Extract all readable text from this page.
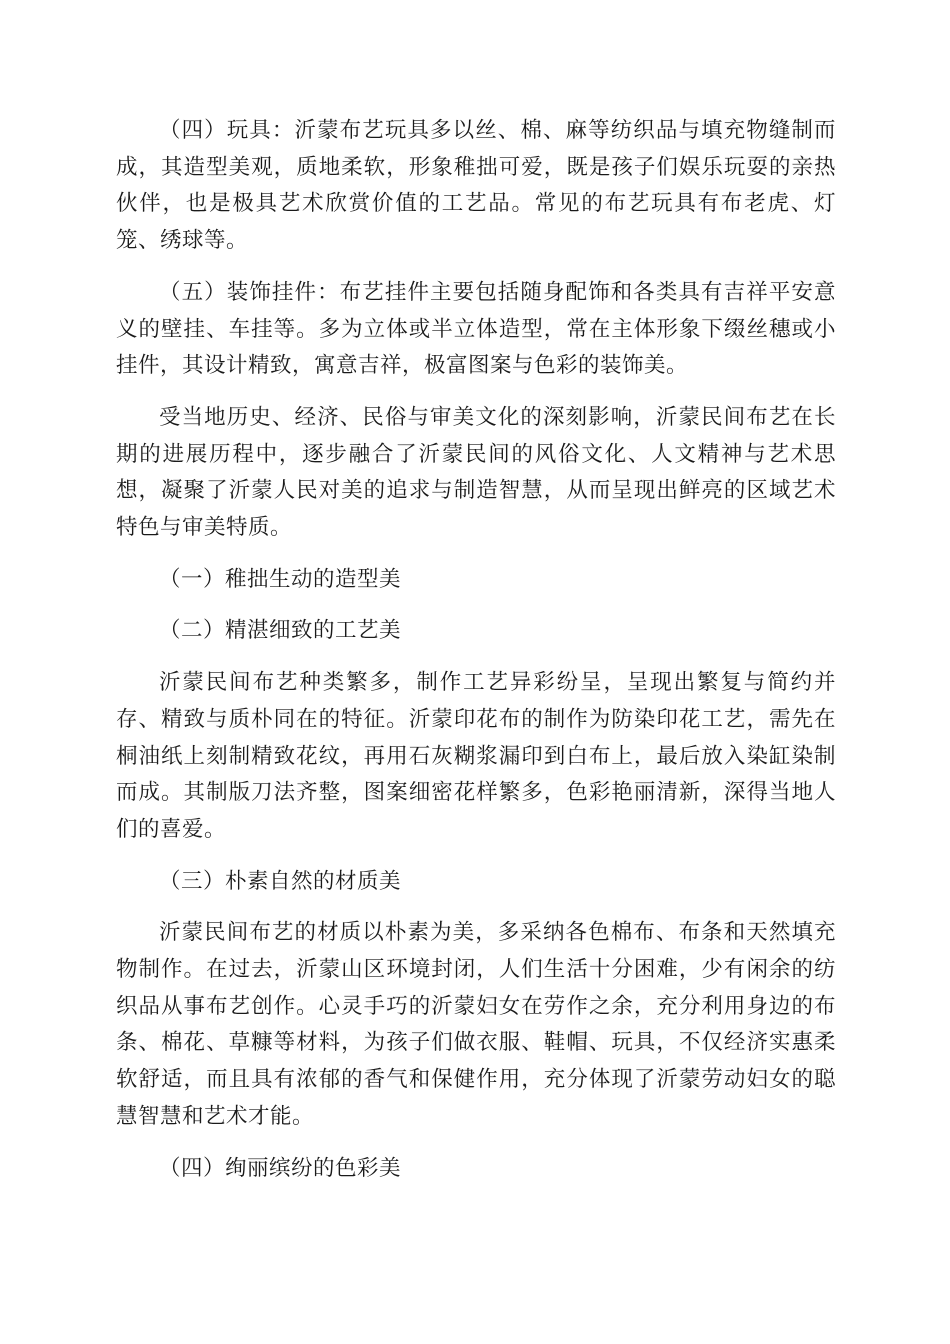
（四）玩具：沂蒙布艺玩具多以丝、棉、麻等纺织品与填充物缝制而成，其造型美观，质地柔软，形象稚拙可爱，既是孩子们娱乐玩耍的亲热伙伴，也是极具艺术欣赏价值的工艺品。常见的布艺玩具有布老虎、灯笼、绣球等。

（五）装饰挂件：布艺挂件主要包括随身配饰和各类具有吉祥平安意义的壁挂、车挂等。多为立体或半立体造型，常在主体形象下缀丝穗或小挂件，其设计精致，寓意吉祥，极富图案与色彩的装饰美。

受当地历史、经济、民俗与审美文化的深刻影响，沂蒙民间布艺在长期的进展历程中，逐步融合了沂蒙民间的风俗文化、人文精神与艺术思想，凝聚了沂蒙人民对美的追求与制造智慧，从而呈现出鲜亮的区域艺术特色与审美特质。

（一）稚拙生动的造型美

（二）精湛细致的工艺美

沂蒙民间布艺种类繁多，制作工艺异彩纷呈，呈现出繁复与简约并存、精致与质朴同在的特征。沂蒙印花布的制作为防染印花工艺，需先在桐油纸上刻制精致花纹，再用石灰糊浆漏印到白布上，最后放入染缸染制而成。其制版刀法齐整，图案细密花样繁多，色彩艳丽清新，深得当地人们的喜爱。

（三）朴素自然的材质美

沂蒙民间布艺的材质以朴素为美，多采纳各色棉布、布条和天然填充物制作。在过去，沂蒙山区环境封闭，人们生活十分困难，少有闲余的纺织品从事布艺创作。心灵手巧的沂蒙妇女在劳作之余，充分利用身边的布条、棉花、草糠等材料，为孩子们做衣服、鞋帽、玩具，不仅经济实惠柔软舒适，而且具有浓郁的香气和保健作用，充分体现了沂蒙劳动妇女的聪慧智慧和艺术才能。

（四）绚丽缤纷的色彩美
